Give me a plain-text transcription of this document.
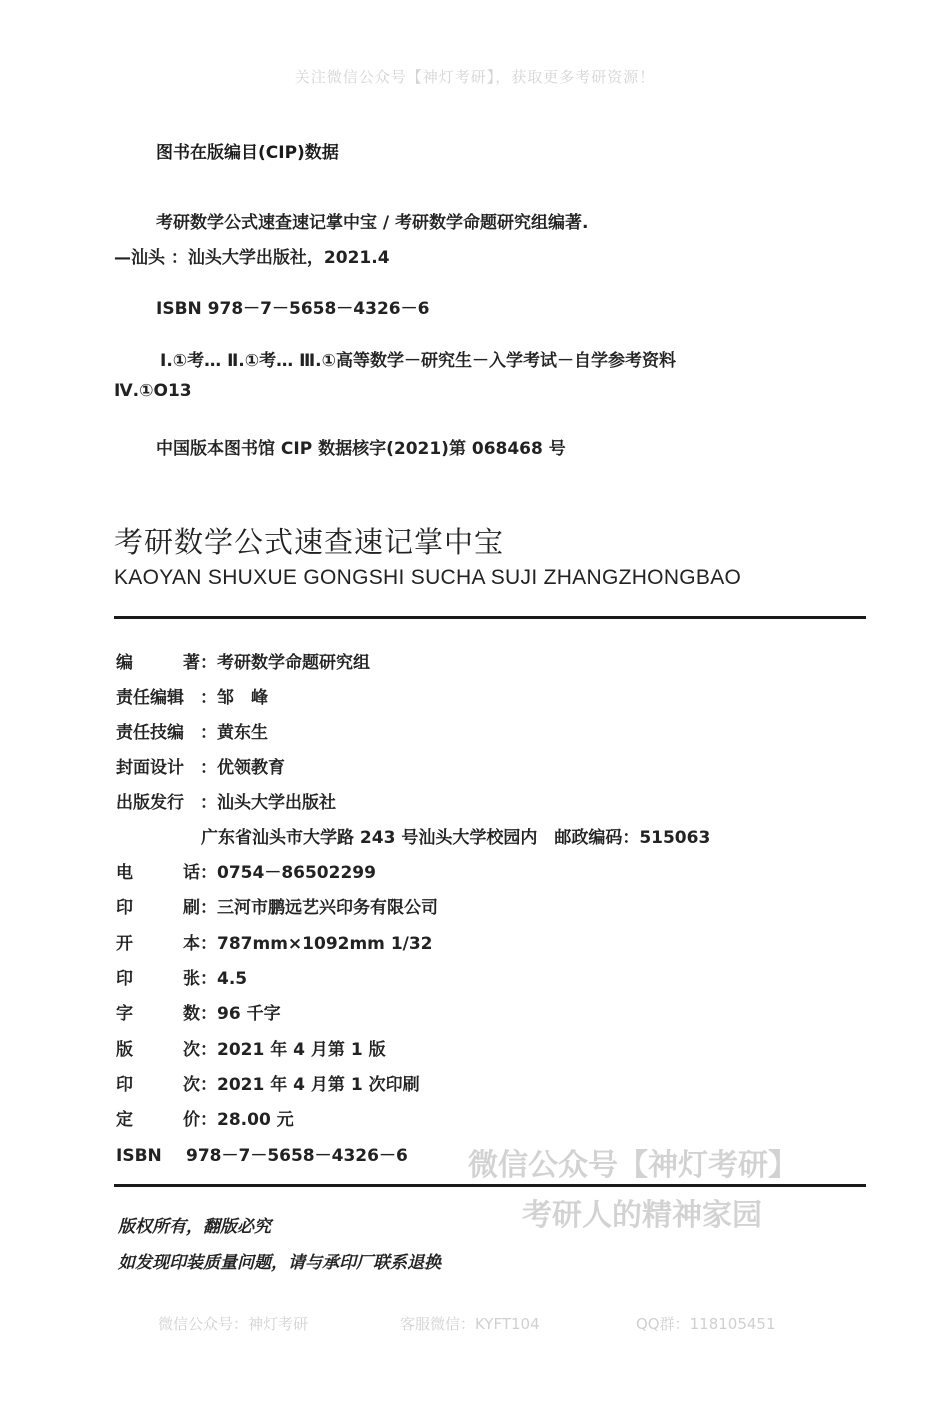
关注微信公众号【神灯考研】，获取更多考研资源！
图书在版编目(CIP)数据
考研数学公式速查速记掌中宝 / 考研数学命题研究组编著.
—汕头 ：汕头大学出版社，2021.4
ISBN 978－7－5658－4326－6
Ⅰ.①考… Ⅱ.①考… Ⅲ.①高等数学－研究生－入学考试－自学参考资料
Ⅳ.①O13
中国版本图书馆 CIP 数据核字(2021)第 068468 号
考研数学公式速查速记掌中宝
KAOYAN SHUXUE GONGSHI SUCHA SUJI ZHANGZHONGBAO
编	著 ：考研数学命题研究组
责任编辑 ：邹　峰
责任技编 ：黄东生
封面设计 ：优领教育
出版发行 ：汕头大学出版社
广东省汕头市大学路 243 号汕头大学校园内　邮政编码：515063
电	话 ：0754－86502299
印	刷 ：三河市鹏远艺兴印务有限公司
开	本 ：787mm×1092mm 1/32
印	张 ：4.5
字	数 ：96 千字
版	次 ：2021 年 4 月第 1 版
印	次 ：2021 年 4 月第 1 次印刷
定	价 ：28.00 元
ISBN 978－7－5658－4326－6 微信公众号【神灯考研】
考研人的精神家园
版权所有，翻版必究
如发现印装质量问题，请与承印厂联系退换
微信公众号：神灯考研	客服微信：KYFT104	QQ群：118105451
